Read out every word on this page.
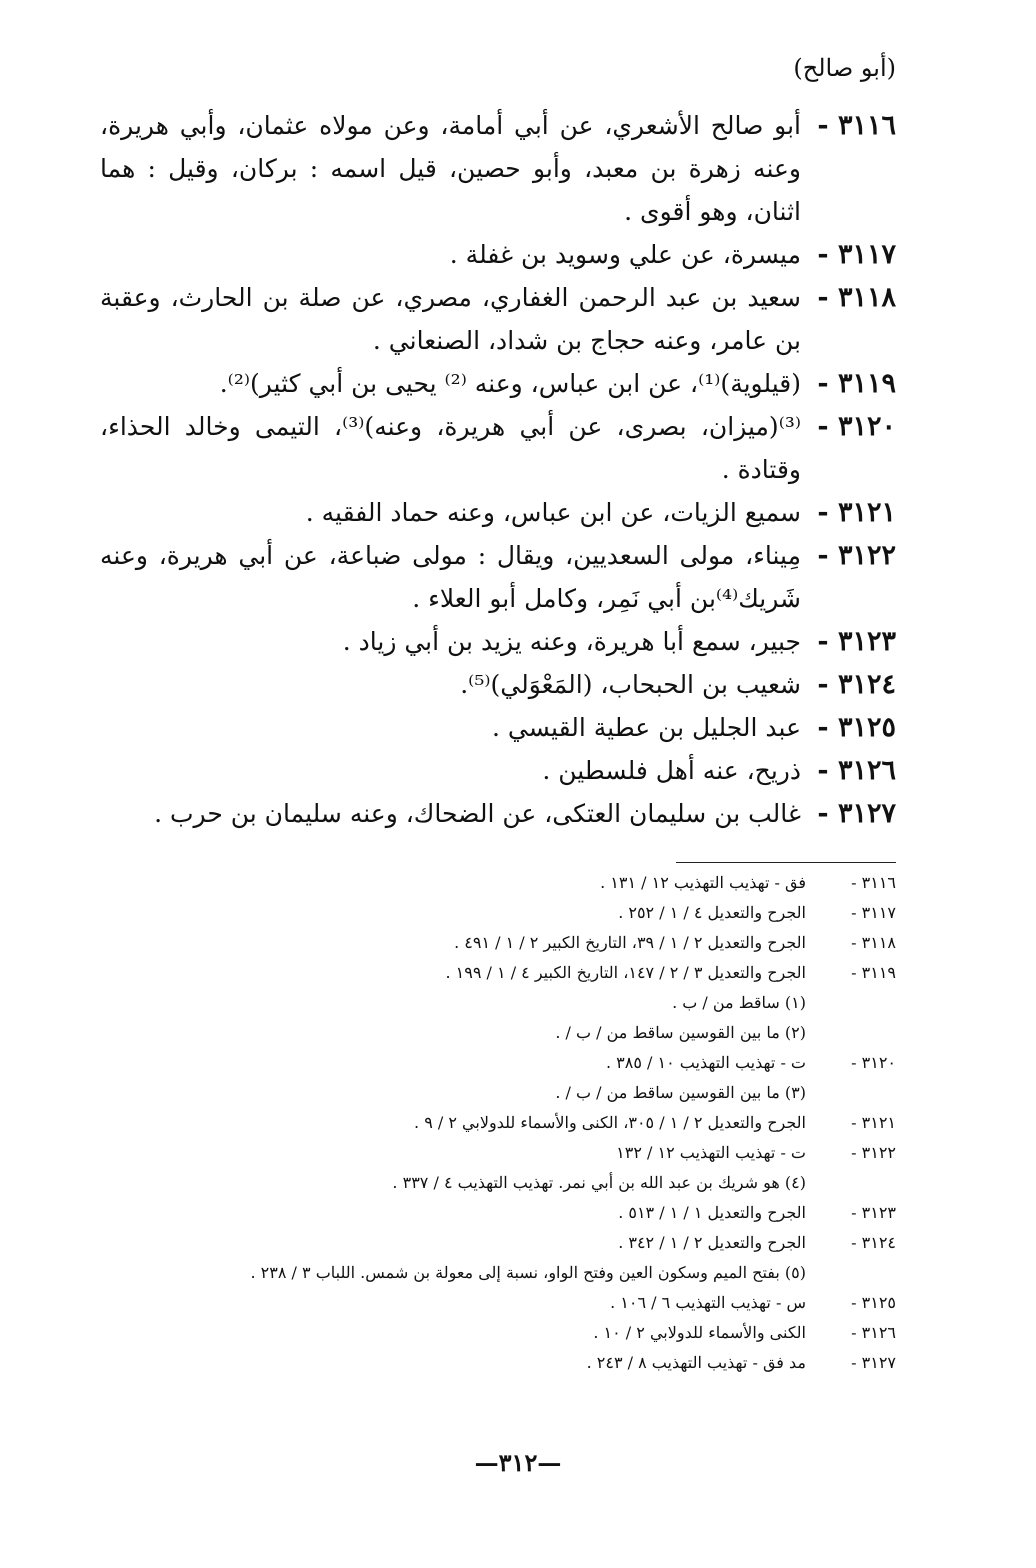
(أبو صالح)
٣١١٦ -
أبو صالح الأشعري، عن أبي أمامة، وعن مولاه عثمان، وأبي هريرة، وعنه زهرة بن معبد، وأبو حصين، قيل اسمه : بركان، وقيل : هما اثنان، وهو أقوى .
٣١١٧ -
ميسرة، عن علي وسويد بن غفلة .
٣١١٨ -
سعيد بن عبد الرحمن الغفاري، مصري، عن صلة بن الحارث، وعقبة بن عامر، وعنه حجاج بن شداد، الصنعاني .
٣١١٩ -
(قيلوية)⁽¹⁾، عن ابن عباس، وعنه ⁽²⁾ يحيى بن أبي كثير)⁽²⁾.
٣١٢٠ -
⁽³⁾(ميزان، بصرى، عن أبي هريرة، وعنه)⁽³⁾، التيمى وخالد الحذاء، وقتادة .
٣١٢١ -
سميع الزيات، عن ابن عباس، وعنه حماد الفقيه .
٣١٢٢ -
مِيناء، مولى السعديين، ويقال : مولى ضباعة، عن أبي هريرة، وعنه شَريك⁽⁴⁾بن أبي نَمِر، وكامل أبو العلاء .
٣١٢٣ -
جبير، سمع أبا هريرة، وعنه يزيد بن أبي زياد .
٣١٢٤ -
شعيب بن الحبحاب، (المَعْوَلي)⁽⁵⁾.
٣١٢٥ -
عبد الجليل بن عطية القيسي .
٣١٢٦ -
ذريح، عنه أهل فلسطين .
٣١٢٧ -
غالب بن سليمان العتكى، عن الضحاك، وعنه سليمان بن حرب .
٣١١٦ -
فق - تهذيب التهذيب ١٢ / ١٣١ .
٣١١٧ -
الجرح والتعديل ٤ / ١ / ٢٥٢ .
٣١١٨ -
الجرح والتعديل ٢ / ١ / ٣٩، التاريخ الكبير ٢ / ١ / ٤٩١ .
٣١١٩ -
الجرح والتعديل ٣ / ٢ / ١٤٧، التاريخ الكبير ٤ / ١ / ١٩٩ .
(١) ساقط من / ب .
(٢) ما بين القوسين ساقط من / ب / .
٣١٢٠ -
ت - تهذيب التهذيب ١٠ / ٣٨٥ .
(٣) ما بين القوسين ساقط من / ب / .
٣١٢١ -
الجرح والتعديل ٢ / ١ / ٣٠٥، الكنى والأسماء للدولابي ٢ / ٩ .
٣١٢٢ -
ت - تهذيب التهذيب ١٢ / ١٣٢
(٤) هو شريك بن عبد الله بن أبي نمر. تهذيب التهذيب ٤ / ٣٣٧ .
٣١٢٣ -
الجرح والتعديل ١ / ١ / ٥١٣ .
٣١٢٤ -
الجرح والتعديل ٢ / ١ / ٣٤٢ .
(٥) بفتح الميم وسكون العين وفتح الواو، نسبة إلى معولة بن شمس. اللباب ٣ / ٢٣٨ .
٣١٢٥ -
س - تهذيب التهذيب ٦ / ١٠٦ .
٣١٢٦ -
الكنى والأسماء للدولابي ٢ / ١٠ .
٣١٢٧ -
مد فق - تهذيب التهذيب ٨ / ٢٤٣ .
—٣١٢—
